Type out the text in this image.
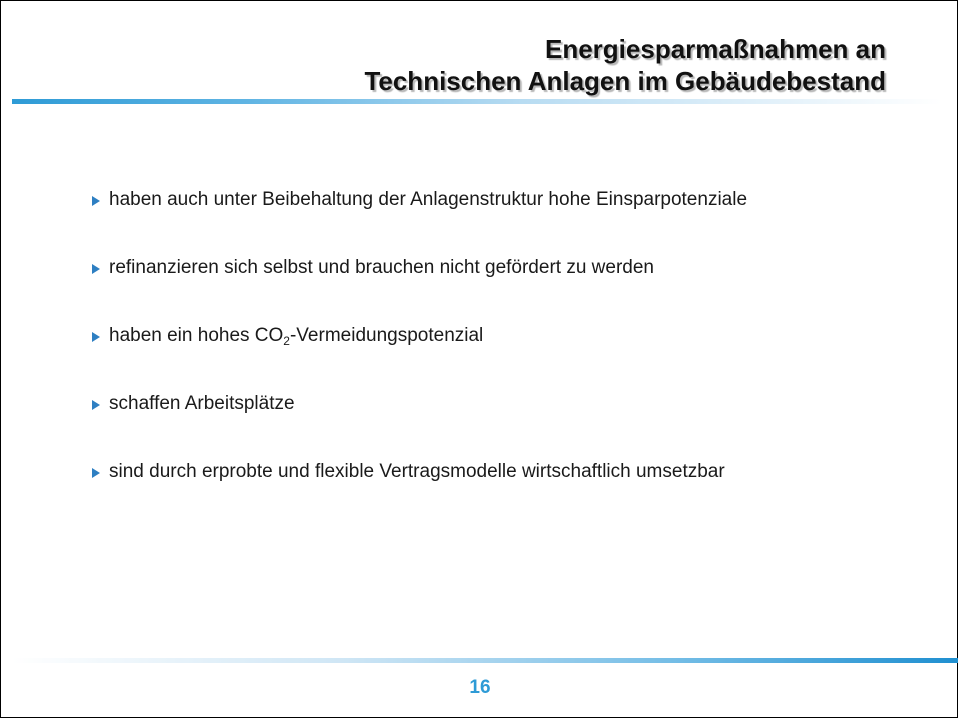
Energiesparmaßnahmen an
Technischen Anlagen im Gebäudebestand
haben auch unter Beibehaltung der Anlagenstruktur hohe Einsparpotenziale
refinanzieren sich selbst und brauchen nicht gefördert zu werden
haben ein hohes $CO_2$-Vermeidungspotenzial
schaffen Arbeitsplätze
sind durch erprobte und flexible Vertragsmodelle wirtschaftlich umsetzbar
16
